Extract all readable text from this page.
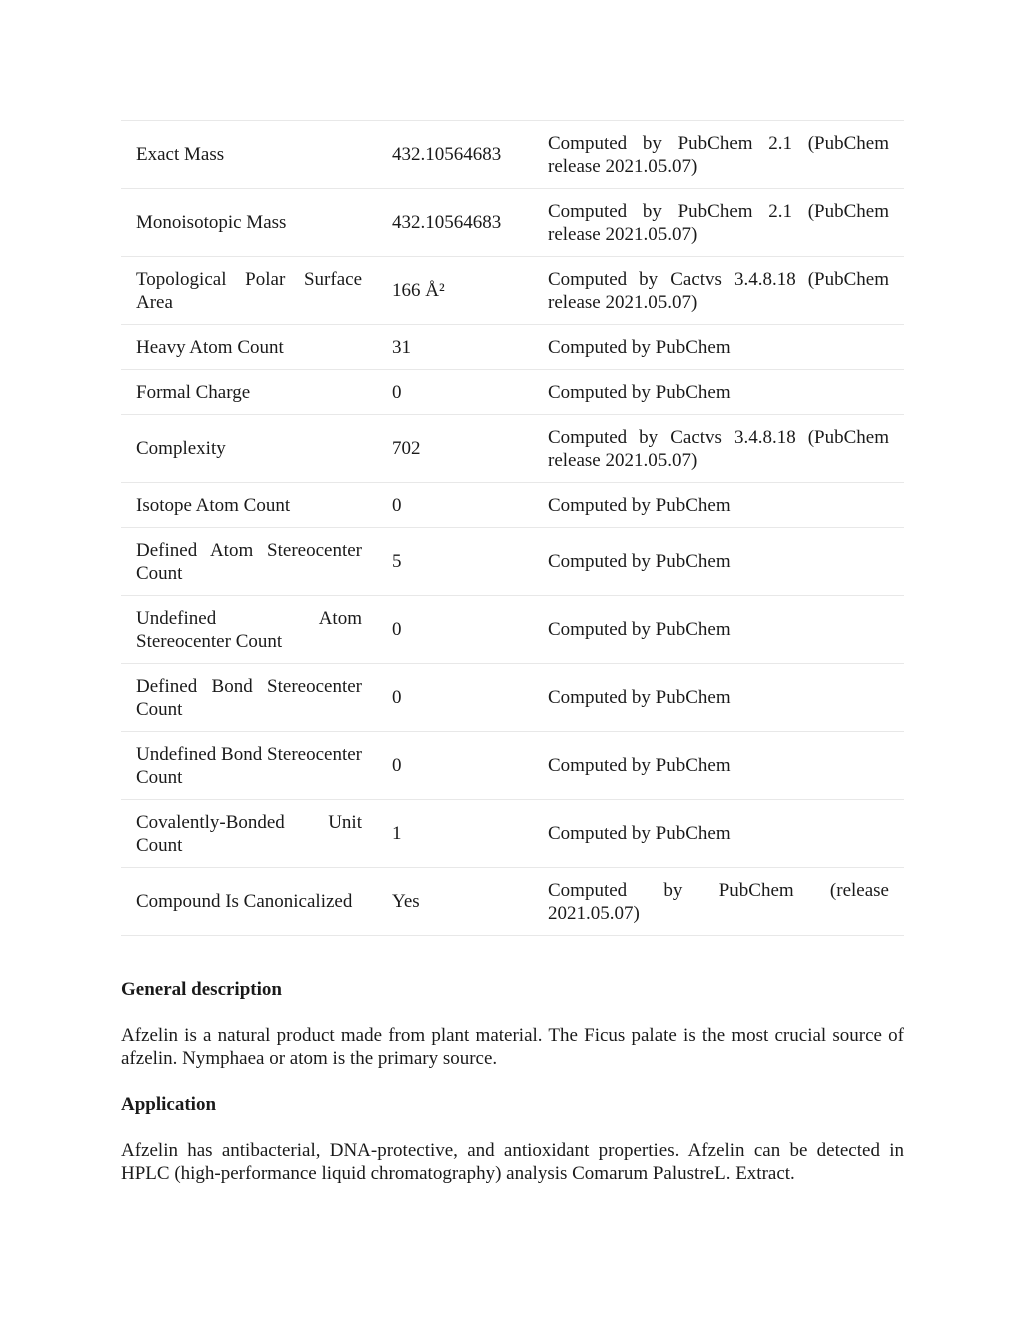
Exact Mass	432.10564683	Computed by PubChem 2.1 (PubChem
release 2021.05.07)

Monoisotopic Mass	432.10564683	Computed by PubChem 2.1 (PubChem
release 2021.05.07)

Topological Polar Surface Area	166 Å²	Computed by Cactvs 3.4.8.18 (PubChem
release 2021.05.07)

Heavy Atom Count	31	Computed by PubChem

Formal Charge	0	Computed by PubChem

Complexity	702	Computed by Cactvs 3.4.8.18 (PubChem
release 2021.05.07)

Isotope Atom Count	0	Computed by PubChem

Defined Atom Stereocenter Count	5	Computed by PubChem

Undefined Atom Stereocenter Count	0	Computed by PubChem

Defined Bond Stereocenter Count	0	Computed by PubChem

Undefined Bond Stereocenter Count	0	Computed by PubChem

Covalently-Bonded Unit Count	1	Computed by PubChem

Compound Is Canonicalized	Yes	Computed by PubChem (release
2021.05.07)
General description

Afzelin is a natural product made from plant material. The Ficus palate is the most crucial source of afzelin. Nymphaea or atom is the primary source.

Application

Afzelin has antibacterial, DNA-protective, and antioxidant properties. Afzelin can be detected in HPLC (high-performance liquid chromatography) analysis Comarum PalustreL. Extract.
